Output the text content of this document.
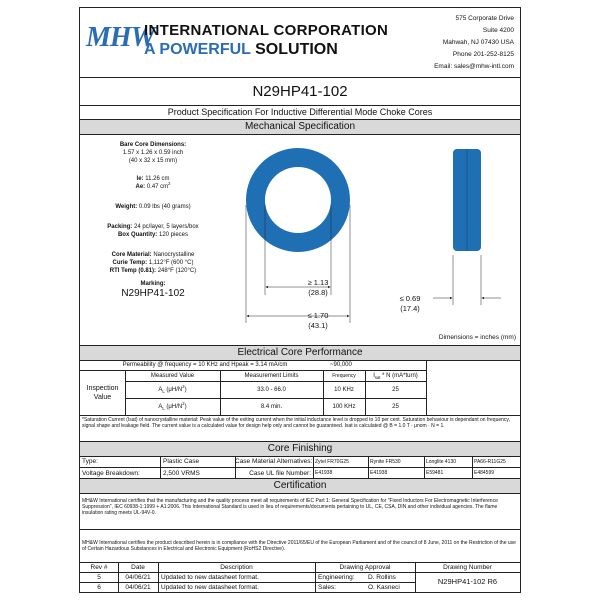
MHW
INTERNATIONAL CORPORATION
A POWERFUL SOLUTION
575 Corporate Drive
Suite 4200
Mahwah, NJ 07430 USA
Phone 201-252-8125
Email: sales@mhw-intl.com
N29HP41-102
Product Specification For Inductive Differential Mode Choke Cores
Mechanical Specification
Bare Core Dimensions:
1.57 x 1.26 x 0.59 inch
(40 x 32 x 15 mm)
le: 11.26 cm
Ae: 0.47 $cm^2$
Weight: 0.09 lbs (40 grams)
Packing: 24 pc/layer, 5 layers/box
Box Quantity: 120 pieces
Core Material: Nanocrystalline
Curie Temp: 1,112°F (600 °C)
RTI Temp (0.81): 248°F (120°C)
Marking:
N29HP41-102
≥ 1.13
(28.8)
≤ 1.70
(43.1)
≤ 0.69
(17.4)
Dimensions = inches (mm)
Electrical Core Performance
Permeability @ frequency = 10 KHz and Hpeak = 3.14 mA/cm	~90,000
Measured Value	Measurement Limits	Frequency	$I_{sat}$ * N (mA*turn)
Inspection
Value
$A_L$ $(\mu H/N^2)$	33.0 - 66.0	10 KHz	25
$A_L$ $(\mu H/N^2)$	8.4 min.	100 KHz	25
*Saturation Current (Isat) of nanocrystalline material: Peak value of the exiting current when the initial inductance level is dropped to 10 per cent. Saturation behaviour is dependant on frequency, signal shape and leakage field. The current value is a calculated value for design help only and cannot be guaranteed. Isat is calculated @ B = 1.0 T · μnom · N = 1.
Core Finishing
Type:	Plastic Case	Case Material Alternatives: Zytel FR70G25	Rynite FR530	Longlite 4130	PA66-R11G25
Voltage Breakdown:	2,500 VRMS	Case UL file Number: E41938	E41938	E59481	E484599
Certification
MH&W International certifies that the manufacturing and the quality process meet all requirements of IEC Part 1: General Specification for "Fixed Inductors For Electromagnetic Interference Suppression", IEC 60938-1:1999 + A1:2006. This International Standard is used in lieu of requirements/documents pertaining to UL, CE, CSA, DIN and other individual agencies. The flame insulation rating meets UL-94V-0.
MH&W International certifies the product described herein is in compliance with the Directive 2011/65/EU of the European Parliament and of the council of 8 June, 2011 on the Restriction of the use of Certain Hazardous Substances in Electrical and Electronic Equipment (RoHS2 Directive).
Rev #	Date	Description	Drawing Approval	Drawing Number
5	04/06/21	Updated to new datasheet format.	Engineering:	D. Rollins
6	04/06/21	Updated to new datasheet format.	Sales:	O. Kasneci
N29HP41-102 R6
